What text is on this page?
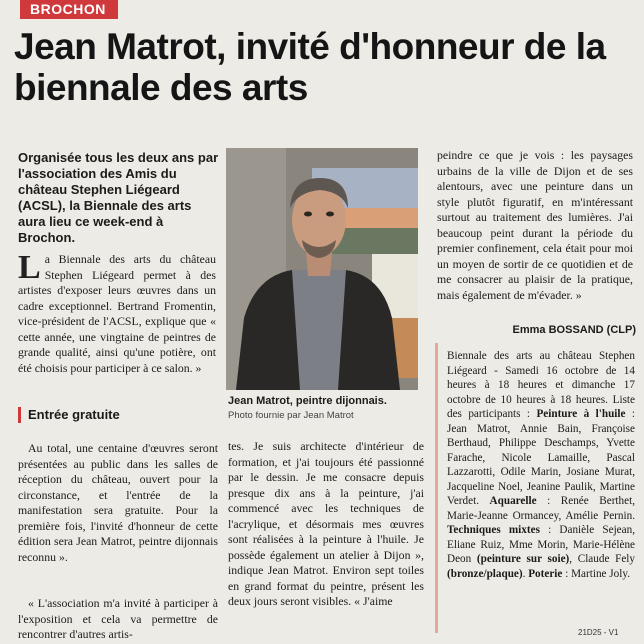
BROCHON
Jean Matrot, invité d'honneur de la biennale des arts

Organisée tous les deux ans par l'association des Amis du château Stephen Liégeard (ACSL), la Biennale des arts aura lieu ce week-end à Brochon.

La Biennale des arts du château Stephen Liégeard permet à des artistes d'exposer leurs œuvres dans un cadre exceptionnel. Bertrand Fromentin, vice-président de l'ACSL, explique que « cette année, une vingtaine de peintres de grande qualité, ainsi qu'une potière, ont été choisis pour participer à ce salon. »

Entrée gratuite

Au total, une centaine d'œuvres seront présentées au public dans les salles de réception du château, ouvert pour la circonstance, et l'entrée de la manifestation sera gratuite. Pour la première fois, l'invité d'honneur de cette édition sera Jean Matrot, peintre dijonnais reconnu ».

« L'association m'a invité à participer à l'exposition et cela va permettre de rencontrer d'autres artis-

Jean Matrot, peintre dijonnais.
Photo fournie par Jean Matrot

tes. Je suis architecte d'intérieur de formation, et j'ai toujours été passionné par le dessin. Je me consacre depuis presque dix ans à la peinture, j'ai commencé avec les techniques de l'acrylique, et désormais mes œuvres sont réalisées à la peinture à l'huile. Je possède également un atelier à Dijon », indique Jean Matrot. Environ sept toiles en grand format du peintre, présent les deux jours seront visibles. « J'aime

peindre ce que je vois : les paysages urbains de la ville de Dijon et de ses alentours, avec une peinture dans un style plutôt figuratif, en m'intéressant surtout au traitement des lumières. J'ai beaucoup peint durant la période du premier confinement, cela était pour moi un moyen de sortir de ce quotidien et de me consacrer au plaisir de la pratique, mais également de m'évader. »

Emma BOSSAND (CLP)

Biennale des arts au château Stephen Liégeard - Samedi 16 octobre de 14 heures à 18 heures et dimanche 17 octobre de 10 heures à 18 heures. Liste des participants : Peinture à l'huile : Jean Matrot, Annie Bain, Françoise Berthaud, Philippe Deschamps, Yvette Farache, Nicole Lamaille, Pascal Lazzarotti, Odile Marin, Josiane Murat, Jacqueline Noel, Jeanine Paulik, Martine Verdet. Aquarelle : Renée Berthet, Marie-Jeanne Ormancey, Amélie Pernin. Techniques mixtes : Danièle Sejean, Eliane Ruiz, Mme Morin, Marie-Hélène Deon (peinture sur soie), Claude Fely (bronze/plaque). Poterie : Martine Joly.

21D25 - V1
